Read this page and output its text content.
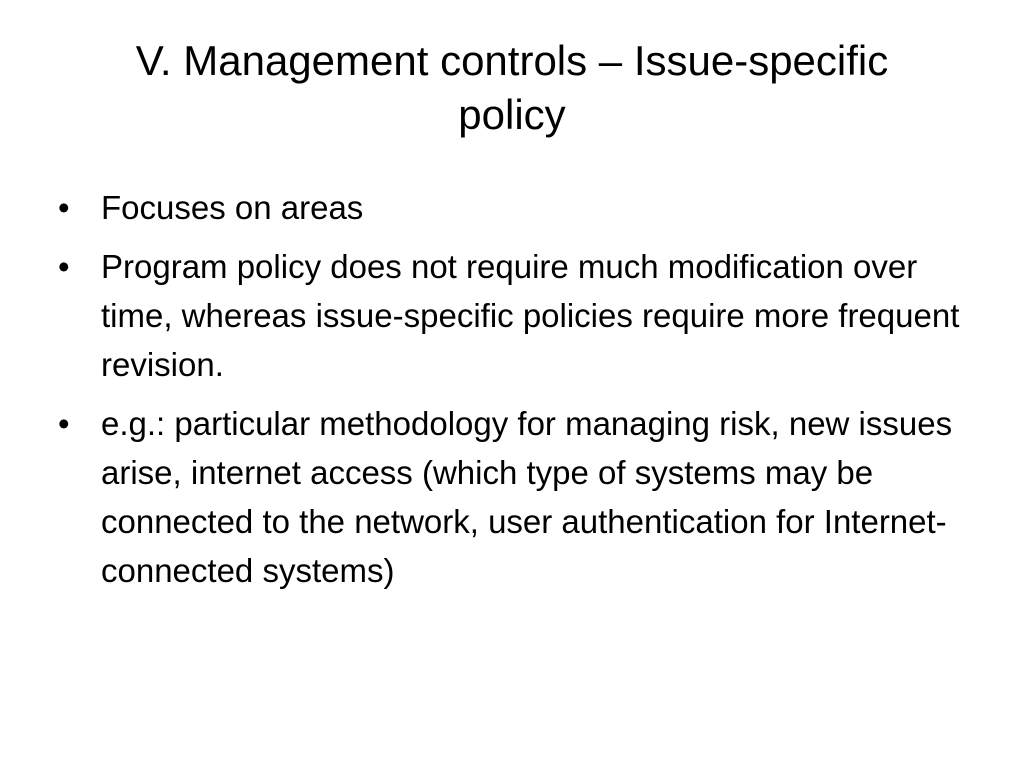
V. Management controls – Issue-specific policy
• Focuses on areas
• Program policy does not require much modification over time, whereas issue-specific policies require more frequent revision.
• e.g.: particular methodology for managing risk, new issues arise, internet access (which type of systems may be connected to the network, user authentication for Internet-connected systems)
